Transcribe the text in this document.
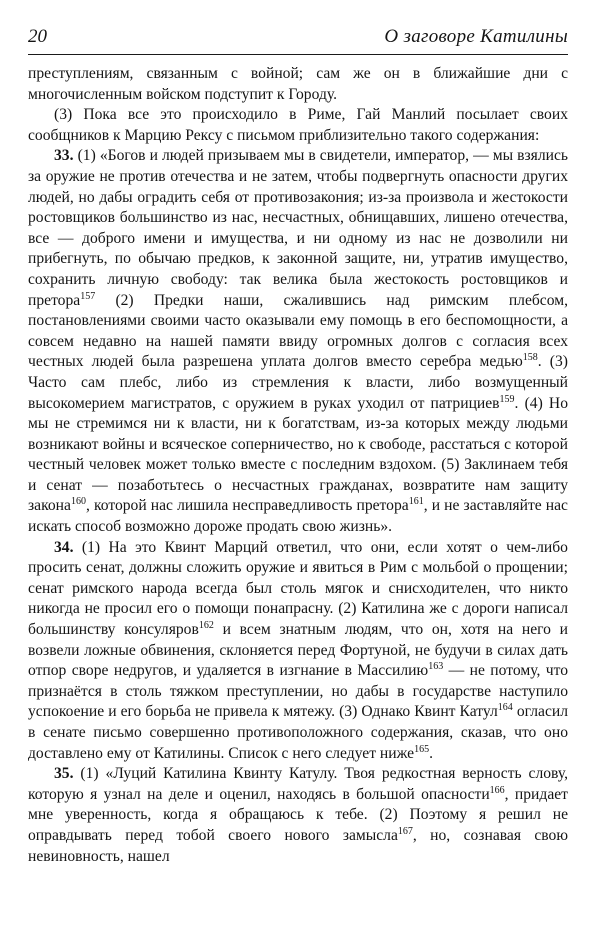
20	О заговоре Катилины

преступлениям, связанным с войной; сам же он в ближайшие дни с многочисленным войском подступит к Городу.

(3) Пока все это происходило в Риме, Гай Манлий посылает своих сообщников к Марцию Рексу с письмом приблизительно такого содержания:

33. (1) «Богов и людей призываем мы в свидетели, император, — мы взялись за оружие не против отечества и не затем, чтобы подвергнуть опасности других людей, но дабы оградить себя от противозакония; из-за произвола и жестокости ростовщиков большинство из нас, несчастных, обнищавших, лишено отечества, все — доброго имени и имущества, и ни одному из нас не дозволили ни прибегнуть, по обычаю предков, к законной защите, ни, утратив имущество, сохранить личную свободу: так велика была жестокость ростовщиков и претора$^{157}$ (2) Предки наши, сжалившись над римским плебсом, постановлениями своими часто оказывали ему помощь в его беспомощности, а совсем недавно на нашей памяти ввиду огромных долгов с согласия всех честных людей была разрешена уплата долгов вместо серебра медью$^{158}$. (3) Часто сам плебс, либо из стремления к власти, либо возмущенный высокомерием магистратов, с оружием в руках уходил от патрициев$^{159}$. (4) Но мы не стремимся ни к власти, ни к богатствам, из-за которых между людьми возникают войны и всяческое соперничество, но к свободе, расстаться с которой честный человек может только вместе с последним вздохом. (5) Заклинаем тебя и сенат — позаботьтесь о несчастных гражданах, возвратите нам защиту закона$^{160}$, которой нас лишила несправедливость претора$^{161}$, и не заставляйте нас искать способ возможно дороже продать свою жизнь».

34. (1) На это Квинт Марций ответил, что они, если хотят о чем-либо просить сенат, должны сложить оружие и явиться в Рим с мольбой о прощении; сенат римского народа всегда был столь мягок и снисходителен, что никто никогда не просил его о помощи понапрасну. (2) Катилина же с дороги написал большинству консуляров$^{162}$ и всем знатным людям, что он, хотя на него и возвели ложные обвинения, склоняется перед Фортуной, не будучи в силах дать отпор своре недругов, и удаляется в изгнание в Массилию$^{163}$ — не потому, что признаётся в столь тяжком преступлении, но дабы в государстве наступило успокоение и его борьба не привела к мятежу. (3) Однако Квинт Катул$^{164}$ огласил в сенате письмо совершенно противоположного содержания, сказав, что оно доставлено ему от Катилины. Список с него следует ниже$^{165}$.

35. (1) «Луций Катилина Квинту Катулу. Твоя редкостная верность слову, которую я узнал на деле и оценил, находясь в большой опасности$^{166}$, придает мне уверенность, когда я обращаюсь к тебе. (2) Поэтому я решил не оправдывать перед тобой своего нового замысла$^{167}$, но, сознавая свою невиновность, нашел
